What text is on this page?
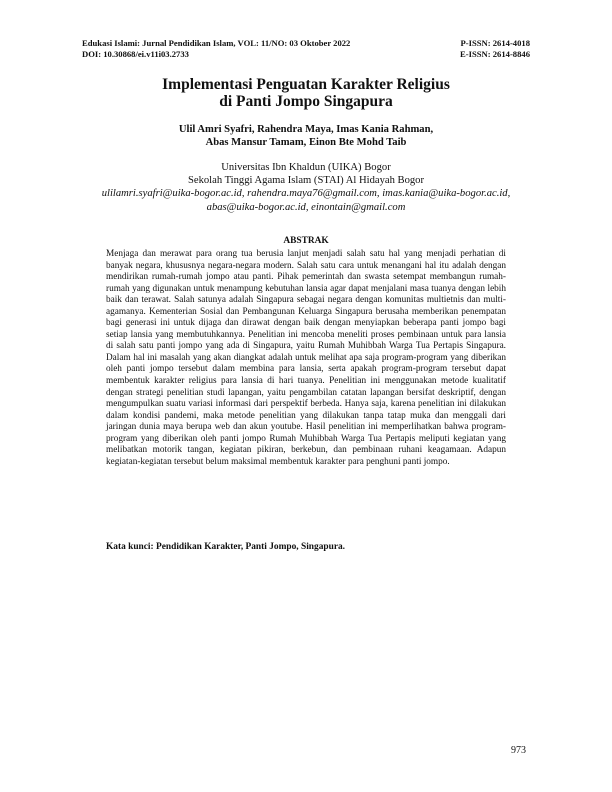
Edukasi Islami: Jurnal Pendidikan Islam, VOL: 11/NO: 03 Oktober 2022	P-ISSN: 2614-4018
DOI: 10.30868/ei.v11i03.2733	E-ISSN: 2614-8846
Implementasi Penguatan Karakter Religius
di Panti Jompo Singapura
Ulil Amri Syafri, Rahendra Maya, Imas Kania Rahman,
Abas Mansur Tamam, Einon Bte Mohd Taib
Universitas Ibn Khaldun (UIKA) Bogor
Sekolah Tinggi Agama Islam (STAI) Al Hidayah Bogor
ulilamri.syafri@uika-bogor.ac.id, rahendra.maya76@gmail.com, imas.kania@uika-bogor.ac.id, abas@uika-bogor.ac.id, einontain@gmail.com
ABSTRAK
Menjaga dan merawat para orang tua berusia lanjut menjadi salah satu hal yang menjadi perhatian di banyak negara, khususnya negara-negara modern. Salah satu cara untuk menangani hal itu adalah dengan mendirikan rumah-rumah jompo atau panti. Pihak pemerintah dan swasta setempat membangun rumah-rumah yang digunakan untuk menampung kebutuhan lansia agar dapat menjalani masa tuanya dengan lebih baik dan terawat. Salah satunya adalah Singapura sebagai negara dengan komunitas multietnis dan multi-agamanya. Kementerian Sosial dan Pembangunan Keluarga Singapura berusaha memberikan penempatan bagi generasi ini untuk dijaga dan dirawat dengan baik dengan menyiapkan beberapa panti jompo bagi setiap lansia yang membutuhkannya. Penelitian ini mencoba meneliti proses pembinaan untuk para lansia di salah satu panti jompo yang ada di Singapura, yaitu Rumah Muhibbah Warga Tua Pertapis Singapura. Dalam hal ini masalah yang akan diangkat adalah untuk melihat apa saja program-program yang diberikan oleh panti jompo tersebut dalam membina para lansia, serta apakah program-program tersebut dapat membentuk karakter religius para lansia di hari tuanya. Penelitian ini menggunakan metode kualitatif dengan strategi penelitian studi lapangan, yaitu pengambilan catatan lapangan bersifat deskriptif, dengan mengumpulkan suatu variasi informasi dari perspektif berbeda. Hanya saja, karena penelitian ini dilakukan dalam kondisi pandemi, maka metode penelitian yang dilakukan tanpa tatap muka dan menggali dari jaringan dunia maya berupa web dan akun youtube. Hasil penelitian ini memperlihatkan bahwa program-program yang diberikan oleh panti jompo Rumah Muhibbah Warga Tua Pertapis meliputi kegiatan yang melibatkan motorik tangan, kegiatan pikiran, berkebun, dan pembinaan ruhani keagamaan. Adapun kegiatan-kegiatan tersebut belum maksimal membentuk karakter para penghuni panti jompo.
Kata kunci: Pendidikan Karakter, Panti Jompo, Singapura.
973
